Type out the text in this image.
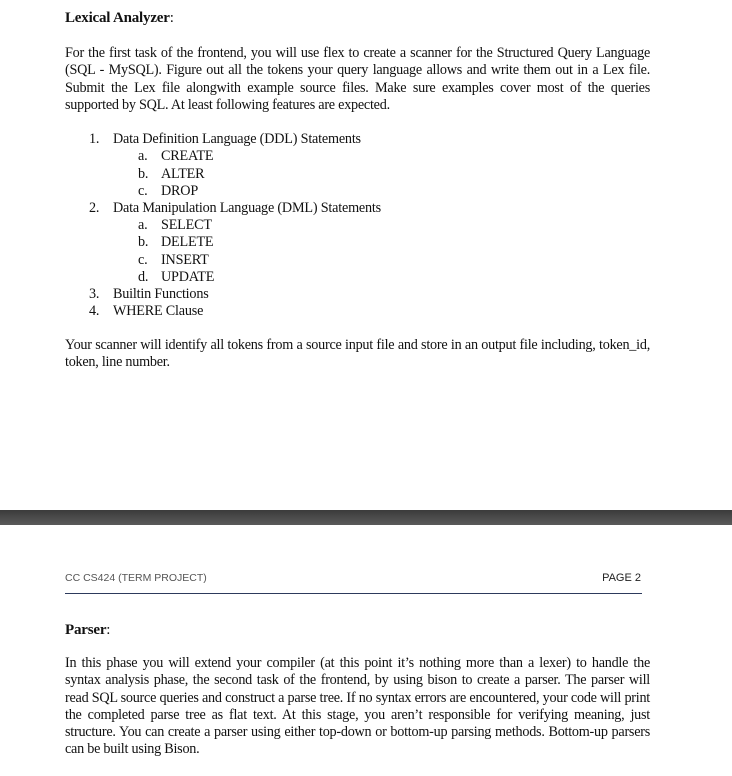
Lexical Analyzer:

For the first task of the frontend, you will use flex to create a scanner for the Structured Query Language (SQL - MySQL). Figure out all the tokens your query language allows and write them out in a Lex file. Submit the Lex file alongwith example source files. Make sure examples cover most of the queries supported by SQL. At least following features are expected.

1. Data Definition Language (DDL) Statements
a. CREATE
b. ALTER
c. DROP
2. Data Manipulation Language (DML) Statements
a. SELECT
b. DELETE
c. INSERT
d. UPDATE
3. Builtin Functions
4. WHERE Clause

Your scanner will identify all tokens from a source input file and store in an output file including, token_id, token, line number.

CC CS424 (TERM PROJECT)	PAGE 2
Parser:

In this phase you will extend your compiler (at this point it’s nothing more than a lexer) to handle the syntax analysis phase, the second task of the frontend, by using bison to create a parser. The parser will read SQL source queries and construct a parse tree. If no syntax errors are encountered, your code will print the completed parse tree as flat text. At this stage, you aren’t responsible for verifying meaning, just structure. You can create a parser using either top-down or bottom-up parsing methods. Bottom-up parsers can be built using Bison.
